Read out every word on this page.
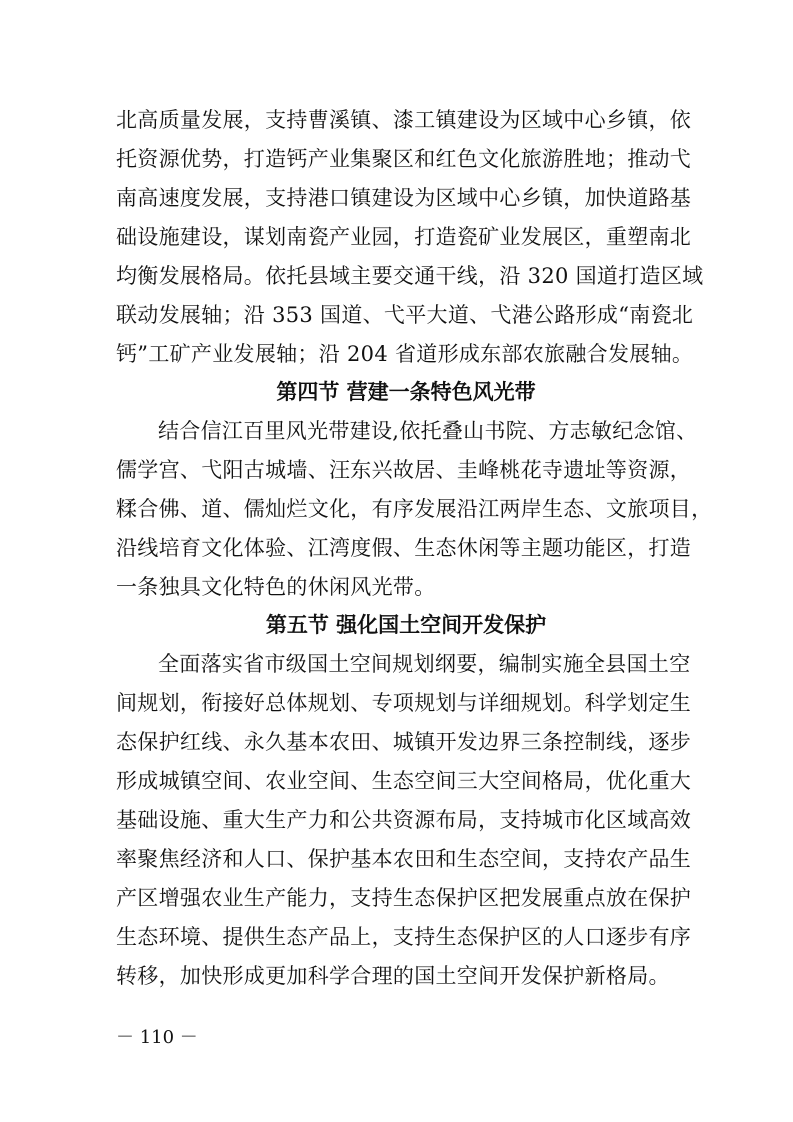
北高质量发展，支持曹溪镇、漆工镇建设为区域中心乡镇，依
托资源优势，打造钙产业集聚区和红色文化旅游胜地；推动弋
南高速度发展，支持港口镇建设为区域中心乡镇，加快道路基
础设施建设，谋划南瓷产业园，打造瓷矿业发展区，重塑南北
均衡发展格局。依托县域主要交通干线，沿 320 国道打造区域
联动发展轴；沿 353 国道、弋平大道、弋港公路形成“南瓷北
钙”工矿产业发展轴；沿 204 省道形成东部农旅融合发展轴。
第四节 营建一条特色风光带
结合信江百里风光带建设,依托叠山书院、方志敏纪念馆、
儒学宫、弋阳古城墙、汪东兴故居、圭峰桃花寺遗址等资源，
糅合佛、道、儒灿烂文化，有序发展沿江两岸生态、文旅项目，
沿线培育文化体验、江湾度假、生态休闲等主题功能区，打造
一条独具文化特色的休闲风光带。
第五节 强化国土空间开发保护
全面落实省市级国土空间规划纲要，编制实施全县国土空
间规划，衔接好总体规划、专项规划与详细规划。科学划定生
态保护红线、永久基本农田、城镇开发边界三条控制线，逐步
形成城镇空间、农业空间、生态空间三大空间格局，优化重大
基础设施、重大生产力和公共资源布局，支持城市化区域高效
率聚焦经济和人口、保护基本农田和生态空间，支持农产品生
产区增强农业生产能力，支持生态保护区把发展重点放在保护
生态环境、提供生态产品上，支持生态保护区的人口逐步有序
转移，加快形成更加科学合理的国土空间开发保护新格局。
－ 110 －
